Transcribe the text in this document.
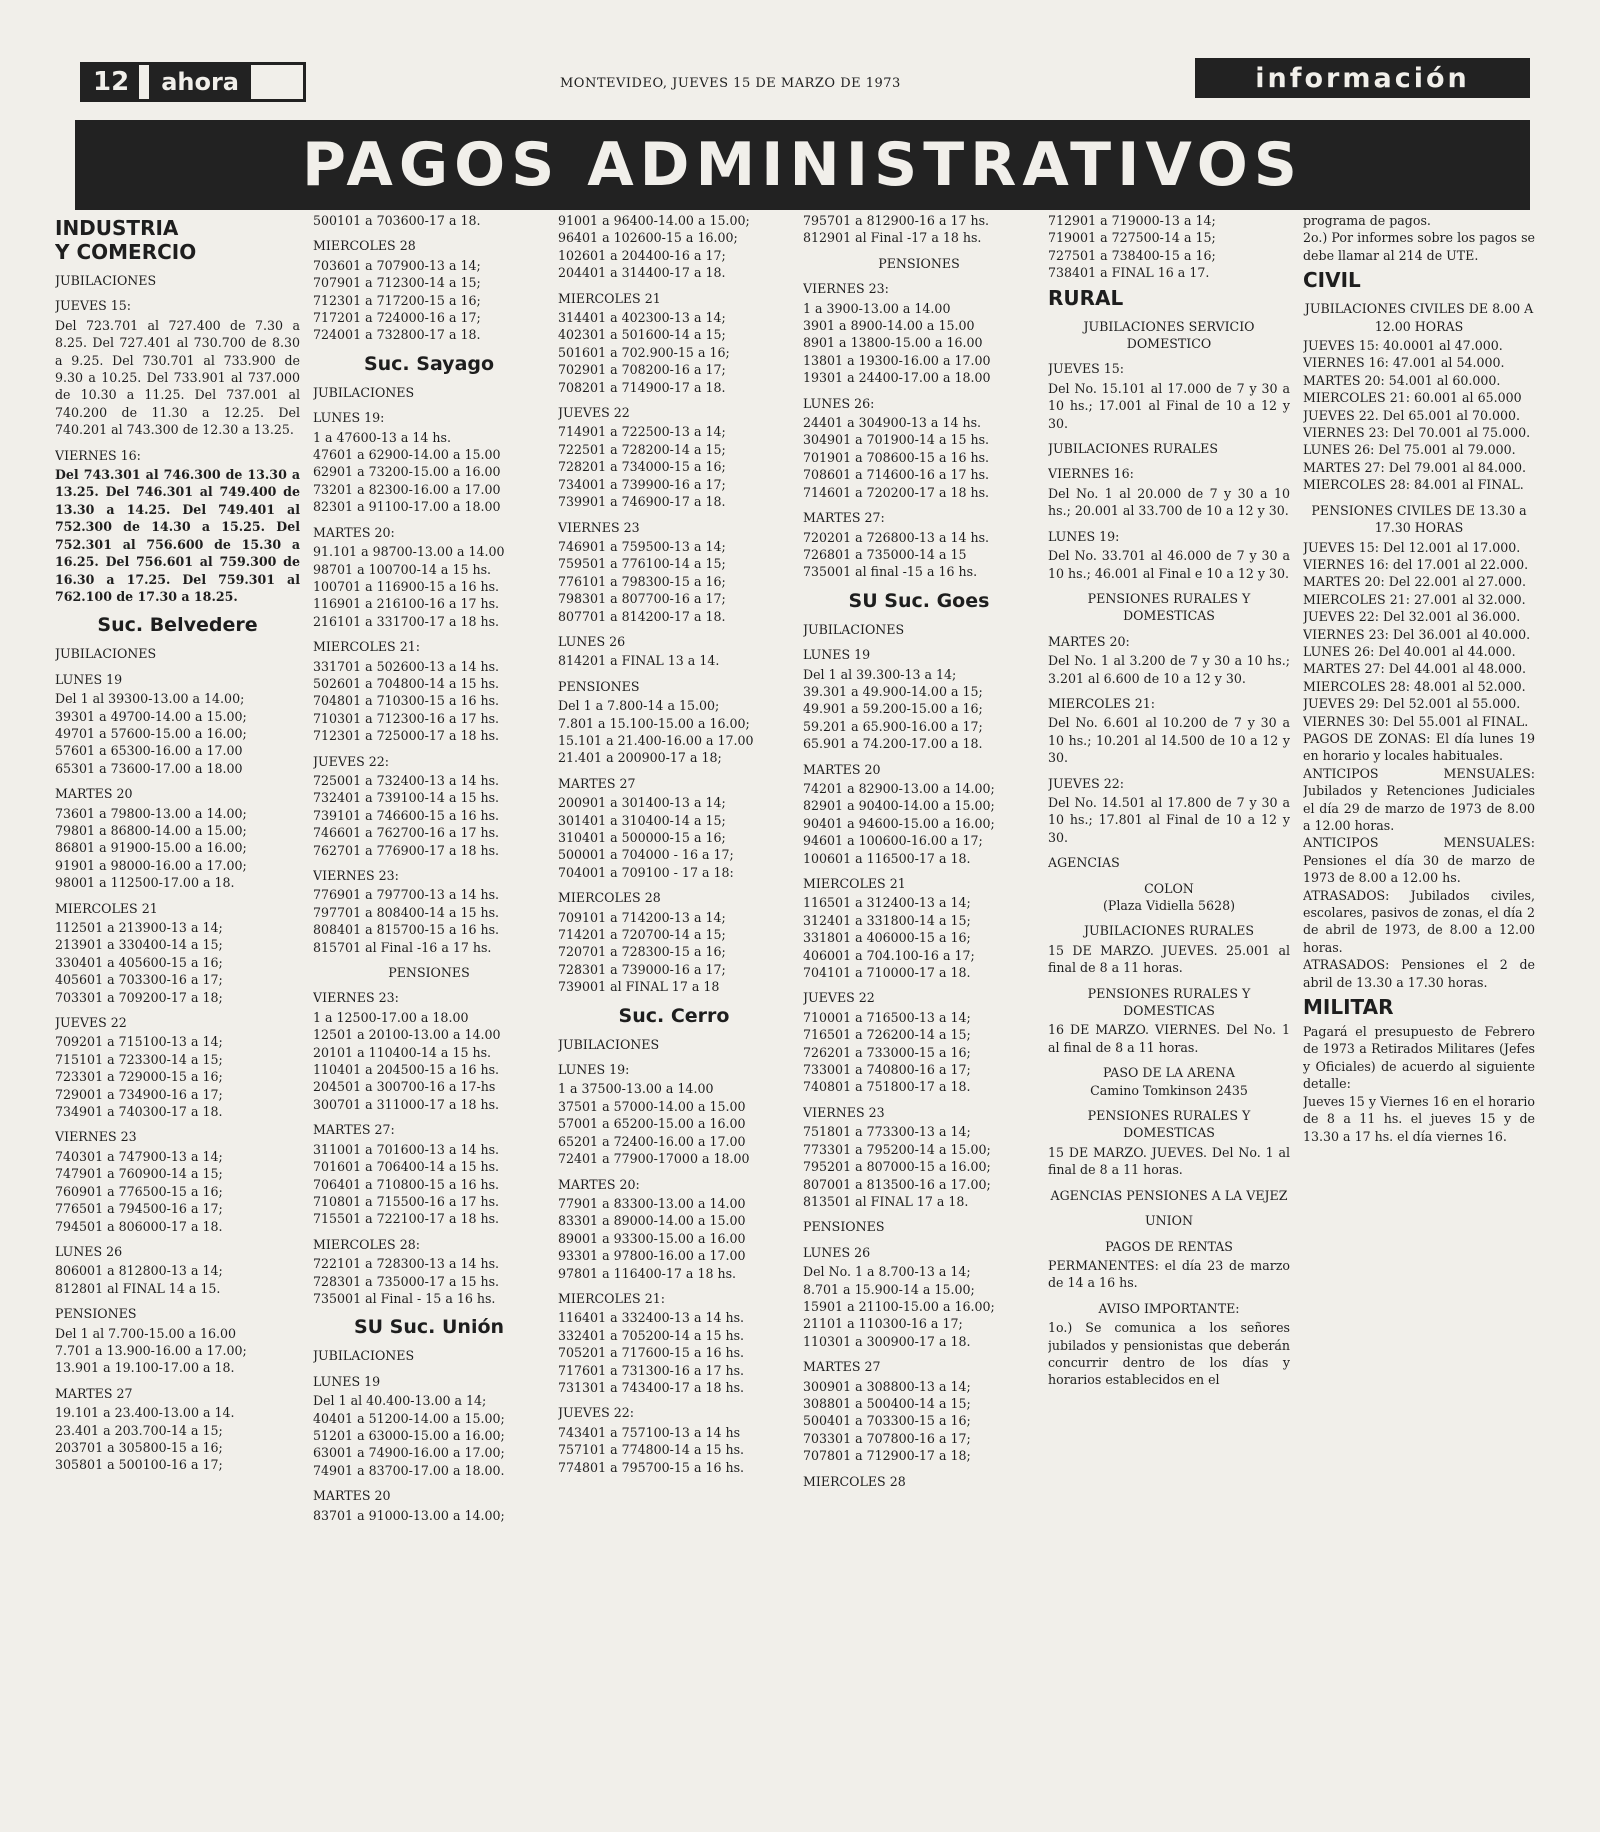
12	ahora	MONTEVIDEO, JUEVES 15 DE MARZO DE 1973	información
PAGOS ADMINISTRATIVOS
INDUSTRIA
Y COMERCIO
JUBILACIONES
JUEVES 15:
Del 723.701 al 727.400 de 7.30 a 8.25. Del 727.401 al 730.700 de 8.30 a 9.25. Del 730.701 al 733.900 de 9.30 a 10.25. Del 733.901 al 737.000 de 10.30 a 11.25. Del 737.001 al 740.200 de 11.30 a 12.25. Del 740.201 al 743.300 de 12.30 a 13.25.
VIERNES 16:
Del 743.301 al 746.300 de 13.30 a 13.25. Del 746.301 al 749.400 de 13.30 a 14.25. Del 749.401 al 752.300 de 14.30 a 15.25. Del 752.301 al 756.600 de 15.30 a 16.25. Del 756.601 al 759.300 de 16.30 a 17.25. Del 759.301 al 762.100 de 17.30 a 18.25.
Suc. Belvedere
JUBILACIONES
LUNES 19
Del 1 al 39300-13.00 a 14.00;
39301 a 49700-14.00 a 15.00;
49701 a 57600-15.00 a 16.00;
57601 a 65300-16.00 a 17.00
65301 a 73600-17.00 a 18.00
MARTES 20
73601 a 79800-13.00 a 14.00;
79801 a 86800-14.00 a 15.00;
86801 a 91900-15.00 a 16.00;
91901 a 98000-16.00 a 17.00;
98001 a 112500-17.00 a 18.
MIERCOLES 21
112501 a 213900-13 a 14;
213901 a 330400-14 a 15;
330401 a 405600-15 a 16;
405601 a 703300-16 a 17;
703301 a 709200-17 a 18;
JUEVES 22
709201 a 715100-13 a 14;
715101 a 723300-14 a 15;
723301 a 729000-15 a 16;
729001 a 734900-16 a 17;
734901 a 740300-17 a 18.
VIERNES 23
740301 a 747900-13 a 14;
747901 a 760900-14 a 15;
760901 a 776500-15 a 16;
776501 a 794500-16 a 17;
794501 a 806000-17 a 18.
LUNES 26
806001 a 812800-13 a 14;
812801 al FINAL 14 a 15.
PENSIONES
Del 1 al 7.700-15.00 a 16.00
7.701 a 13.900-16.00 a 17.00;
13.901 a 19.100-17.00 a 18.
MARTES 27
19.101 a 23.400-13.00 a 14.
23.401 a 203.700-14 a 15;
203701 a 305800-15 a 16;
305801 a 500100-16 a 17;
500101 a 703600-17 a 18.
MIERCOLES 28
703601 a 707900-13 a 14;
707901 a 712300-14 a 15;
712301 a 717200-15 a 16;
717201 a 724000-16 a 17;
724001 a 732800-17 a 18.
Suc. Sayago
JUBILACIONES
LUNES 19:
1 a 47600-13 a 14 hs.
47601 a 62900-14.00 a 15.00
62901 a 73200-15.00 a 16.00
73201 a 82300-16.00 a 17.00
82301 a 91100-17.00 a 18.00
MARTES 20:
91.101 a 98700-13.00 a 14.00
98701 a 100700-14 a 15 hs.
100701 a 116900-15 a 16 hs.
116901 a 216100-16 a 17 hs.
216101 a 331700-17 a 18 hs.
MIERCOLES 21:
331701 a 502600-13 a 14 hs.
502601 a 704800-14 a 15 hs.
704801 a 710300-15 a 16 hs.
710301 a 712300-16 a 17 hs.
712301 a 725000-17 a 18 hs.
JUEVES 22:
725001 a 732400-13 a 14 hs.
732401 a 739100-14 a 15 hs.
739101 a 746600-15 a 16 hs.
746601 a 762700-16 a 17 hs.
762701 a 776900-17 a 18 hs.
VIERNES 23:
776901 a 797700-13 a 14 hs.
797701 a 808400-14 a 15 hs.
808401 a 815700-15 a 16 hs.
815701 al Final -16 a 17 hs.
PENSIONES
VIERNES 23:
1 a 12500-17.00 a 18.00
12501 a 20100-13.00 a 14.00
20101 a 110400-14 a 15 hs.
110401 a 204500-15 a 16 hs.
204501 a 300700-16 a 17-hs
300701 a 311000-17 a 18 hs.
MARTES 27:
311001 a 701600-13 a 14 hs.
701601 a 706400-14 a 15 hs.
706401 a 710800-15 a 16 hs.
710801 a 715500-16 a 17 hs.
715501 a 722100-17 a 18 hs.
MIERCOLES 28:
722101 a 728300-13 a 14 hs.
728301 a 735000-17 a 15 hs.
735001 al Final - 15 a 16 hs.
SU Suc. Unión
JUBILACIONES
LUNES 19
Del 1 al 40.400-13.00 a 14;
40401 a 51200-14.00 a 15.00;
51201 a 63000-15.00 a 16.00;
63001 a 74900-16.00 a 17.00;
74901 a 83700-17.00 a 18.00.
MARTES 20
83701 a 91000-13.00 a 14.00;
91001 a 96400-14.00 a 15.00;
96401 a 102600-15 a 16.00;
102601 a 204400-16 a 17;
204401 a 314400-17 a 18.
MIERCOLES 21
314401 a 402300-13 a 14;
402301 a 501600-14 a 15;
501601 a 702.900-15 a 16;
702901 a 708200-16 a 17;
708201 a 714900-17 a 18.
JUEVES 22
714901 a 722500-13 a 14;
722501 a 728200-14 a 15;
728201 a 734000-15 a 16;
734001 a 739900-16 a 17;
739901 a 746900-17 a 18.
VIERNES 23
746901 a 759500-13 a 14;
759501 a 776100-14 a 15;
776101 a 798300-15 a 16;
798301 a 807700-16 a 17;
807701 a 814200-17 a 18.
LUNES 26
814201 a FINAL 13 a 14.
PENSIONES
Del 1 a 7.800-14 a 15.00;
7.801 a 15.100-15.00 a 16.00;
15.101 a 21.400-16.00 a 17.00
21.401 a 200900-17 a 18;
MARTES 27
200901 a 301400-13 a 14;
301401 a 310400-14 a 15;
310401 a 500000-15 a 16;
500001 a 704000 - 16 a 17;
704001 a 709100 - 17 a 18:
MIERCOLES 28
709101 a 714200-13 a 14;
714201 a 720700-14 a 15;
720701 a 728300-15 a 16;
728301 a 739000-16 a 17;
739001 al FINAL 17 a 18
Suc. Cerro
JUBILACIONES
LUNES 19:
1 a 37500-13.00 a 14.00
37501 a 57000-14.00 a 15.00
57001 a 65200-15.00 a 16.00
65201 a 72400-16.00 a 17.00
72401 a 77900-17000 a 18.00
MARTES 20:
77901 a 83300-13.00 a 14.00
83301 a 89000-14.00 a 15.00
89001 a 93300-15.00 a 16.00
93301 a 97800-16.00 a 17.00
97801 a 116400-17 a 18 hs.
MIERCOLES 21:
116401 a 332400-13 a 14 hs.
332401 a 705200-14 a 15 hs.
705201 a 717600-15 a 16 hs.
717601 a 731300-16 a 17 hs.
731301 a 743400-17 a 18 hs.
JUEVES 22:
743401 a 757100-13 a 14 hs
757101 a 774800-14 a 15 hs.
774801 a 795700-15 a 16 hs.
795701 a 812900-16 a 17 hs.
812901 al Final -17 a 18 hs.
PENSIONES
VIERNES 23:
1 a 3900-13.00 a 14.00
3901 a 8900-14.00 a 15.00
8901 a 13800-15.00 a 16.00
13801 a 19300-16.00 a 17.00
19301 a 24400-17.00 a 18.00
LUNES 26:
24401 a 304900-13 a 14 hs.
304901 a 701900-14 a 15 hs.
701901 a 708600-15 a 16 hs.
708601 a 714600-16 a 17 hs.
714601 a 720200-17 a 18 hs.
MARTES 27:
720201 a 726800-13 a 14 hs.
726801 a 735000-14 a 15
735001 al final -15 a 16 hs.
SU Suc. Goes
JUBILACIONES
LUNES 19
Del 1 al 39.300-13 a 14;
39.301 a 49.900-14.00 a 15;
49.901 a 59.200-15.00 a 16;
59.201 a 65.900-16.00 a 17;
65.901 a 74.200-17.00 a 18.
MARTES 20
74201 a 82900-13.00 a 14.00;
82901 a 90400-14.00 a 15.00;
90401 a 94600-15.00 a 16.00;
94601 a 100600-16.00 a 17;
100601 a 116500-17 a 18.
MIERCOLES 21
116501 a 312400-13 a 14;
312401 a 331800-14 a 15;
331801 a 406000-15 a 16;
406001 a 704.100-16 a 17;
704101 a 710000-17 a 18.
JUEVES 22
710001 a 716500-13 a 14;
716501 a 726200-14 a 15;
726201 a 733000-15 a 16;
733001 a 740800-16 a 17;
740801 a 751800-17 a 18.
VIERNES 23
751801 a 773300-13 a 14;
773301 a 795200-14 a 15.00;
795201 a 807000-15 a 16.00;
807001 a 813500-16 a 17.00;
813501 al FINAL 17 a 18.
PENSIONES
LUNES 26
Del No. 1 a 8.700-13 a 14;
8.701 a 15.900-14 a 15.00;
15901 a 21100-15.00 a 16.00;
21101 a 110300-16 a 17;
110301 a 300900-17 a 18.
MARTES 27
300901 a 308800-13 a 14;
308801 a 500400-14 a 15;
500401 a 703300-15 a 16;
703301 a 707800-16 a 17;
707801 a 712900-17 a 18;
MIERCOLES 28
712901 a 719000-13 a 14;
719001 a 727500-14 a 15;
727501 a 738400-15 a 16;
738401 a FINAL 16 a 17.
RURAL
JUBILACIONES SERVICIO DOMESTICO
JUEVES 15:
Del No. 15.101 al 17.000 de 7 y 30 a 10 hs.; 17.001 al Final de 10 a 12 y 30.
JUBILACIONES RURALES
VIERNES 16:
Del No. 1 al 20.000 de 7 y 30 a 10 hs.; 20.001 al 33.700 de 10 a 12 y 30.
LUNES 19:
Del No. 33.701 al 46.000 de 7 y 30 a 10 hs.; 46.001 al Final e 10 a 12 y 30.
PENSIONES RURALES Y DOMESTICAS
MARTES 20:
Del No. 1 al 3.200 de 7 y 30 a 10 hs.; 3.201 al 6.600 de 10 a 12 y 30.
MIERCOLES 21:
Del No. 6.601 al 10.200 de 7 y 30 a 10 hs.; 10.201 al 14.500 de 10 a 12 y 30.
JUEVES 22:
Del No. 14.501 al 17.800 de 7 y 30 a 10 hs.; 17.801 al Final de 10 a 12 y 30.
AGENCIAS
COLON
(Plaza Vidiella 5628)
JUBILACIONES RURALES
15 DE MARZO. JUEVES. 25.001 al final de 8 a 11 horas.
PENSIONES RURALES Y DOMESTICAS
16 DE MARZO. VIERNES. Del No. 1 al final de 8 a 11 horas.
PASO DE LA ARENA
Camino Tomkinson 2435
PENSIONES RURALES Y DOMESTICAS
15 DE MARZO. JUEVES. Del No. 1 al final de 8 a 11 horas.
AGENCIAS PENSIONES A LA VEJEZ
UNION
PAGOS DE RENTAS
PERMANENTES: el día 23 de marzo de 14 a 16 hs.
AVISO IMPORTANTE:
1o.) Se comunica a los señores jubilados y pensionistas que deberán concurrir dentro de los días y horarios establecidos en el
programa de pagos.
2o.) Por informes sobre los pagos se debe llamar al 214 de UTE.
CIVIL
JUBILACIONES CIVILES DE 8.00 A 12.00 HORAS
JUEVES 15: 40.0001 al 47.000.
VIERNES 16: 47.001 al 54.000.
MARTES 20: 54.001 al 60.000.
MIERCOLES 21: 60.001 al 65.000
JUEVES 22. Del 65.001 al 70.000.
VIERNES 23: Del 70.001 al 75.000.
LUNES 26: Del 75.001 al 79.000.
MARTES 27: Del 79.001 al 84.000.
MIERCOLES 28: 84.001 al FINAL.
PENSIONES CIVILES DE 13.30 a 17.30 HORAS
JUEVES 15: Del 12.001 al 17.000.
VIERNES 16: del 17.001 al 22.000.
MARTES 20: Del 22.001 al 27.000.
MIERCOLES 21: 27.001 al 32.000.
JUEVES 22: Del 32.001 al 36.000.
VIERNES 23: Del 36.001 al 40.000.
LUNES 26: Del 40.001 al 44.000.
MARTES 27: Del 44.001 al 48.000.
MIERCOLES 28: 48.001 al 52.000.
JUEVES 29: Del 52.001 al 55.000.
VIERNES 30: Del 55.001 al FINAL.
PAGOS DE ZONAS: El día lunes 19 en horario y locales habituales.
ANTICIPOS MENSUALES: Jubilados y Retenciones Judiciales el día 29 de marzo de 1973 de 8.00 a 12.00 horas.
ANTICIPOS MENSUALES: Pensiones el día 30 de marzo de 1973 de 8.00 a 12.00 hs.
ATRASADOS: Jubilados civiles, escolares, pasivos de zonas, el día 2 de abril de 1973, de 8.00 a 12.00 horas.
ATRASADOS: Pensiones el 2 de abril de 13.30 a 17.30 horas.
MILITAR
Pagará el presupuesto de Febrero de 1973 a Retirados Militares (Jefes y Oficiales) de acuerdo al siguiente detalle:
Jueves 15 y Viernes 16 en el horario de 8 a 11 hs. el jueves 15 y de 13.30 a 17 hs. el día viernes 16.
